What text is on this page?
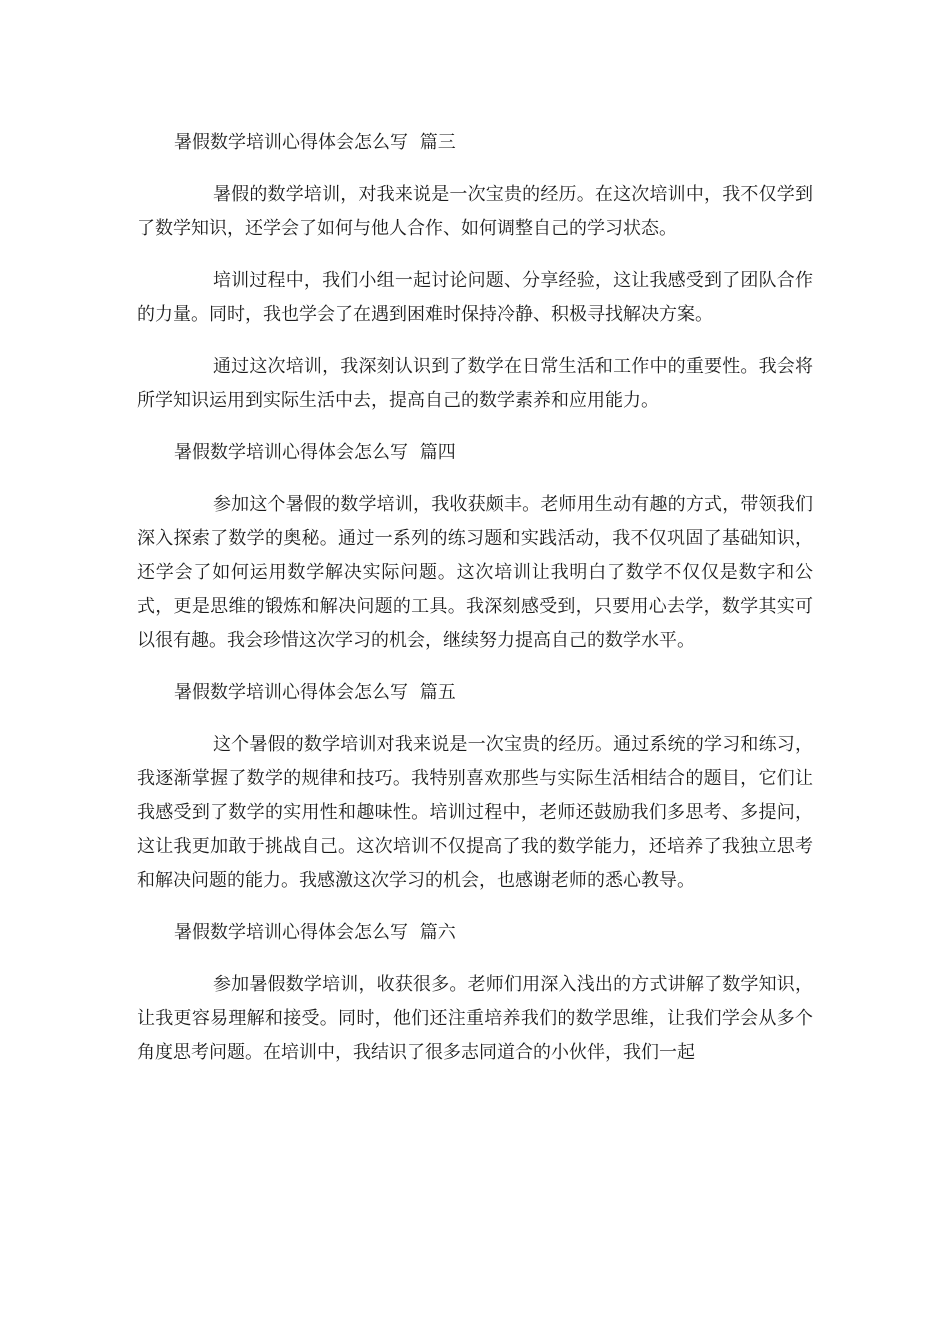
暑假数学培训心得体会怎么写 篇三

暑假的数学培训，对我来说是一次宝贵的经历。在这次培训中，我不仅学到了数学知识，还学会了如何与他人合作、如何调整自己的学习状态。

培训过程中，我们小组一起讨论问题、分享经验，这让我感受到了团队合作的力量。同时，我也学会了在遇到困难时保持冷静、积极寻找解决方案。

通过这次培训，我深刻认识到了数学在日常生活和工作中的重要性。我会将所学知识运用到实际生活中去，提高自己的数学素养和应用能力。

暑假数学培训心得体会怎么写 篇四

参加这个暑假的数学培训，我收获颇丰。老师用生动有趣的方式，带领我们深入探索了数学的奥秘。通过一系列的练习题和实践活动，我不仅巩固了基础知识，还学会了如何运用数学解决实际问题。这次培训让我明白了数学不仅仅是数字和公式，更是思维的锻炼和解决问题的工具。我深刻感受到，只要用心去学，数学其实可以很有趣。我会珍惜这次学习的机会，继续努力提高自己的数学水平。

暑假数学培训心得体会怎么写 篇五

这个暑假的数学培训对我来说是一次宝贵的经历。通过系统的学习和练习，我逐渐掌握了数学的规律和技巧。我特别喜欢那些与实际生活相结合的题目，它们让我感受到了数学的实用性和趣味性。培训过程中，老师还鼓励我们多思考、多提问，这让我更加敢于挑战自己。这次培训不仅提高了我的数学能力，还培养了我独立思考和解决问题的能力。我感激这次学习的机会，也感谢老师的悉心教导。

暑假数学培训心得体会怎么写 篇六

参加暑假数学培训，收获很多。老师们用深入浅出的方式讲解了数学知识，让我更容易理解和接受。同时，他们还注重培养我们的数学思维，让我们学会从多个角度思考问题。在培训中，我结识了很多志同道合的小伙伴，我们一起
